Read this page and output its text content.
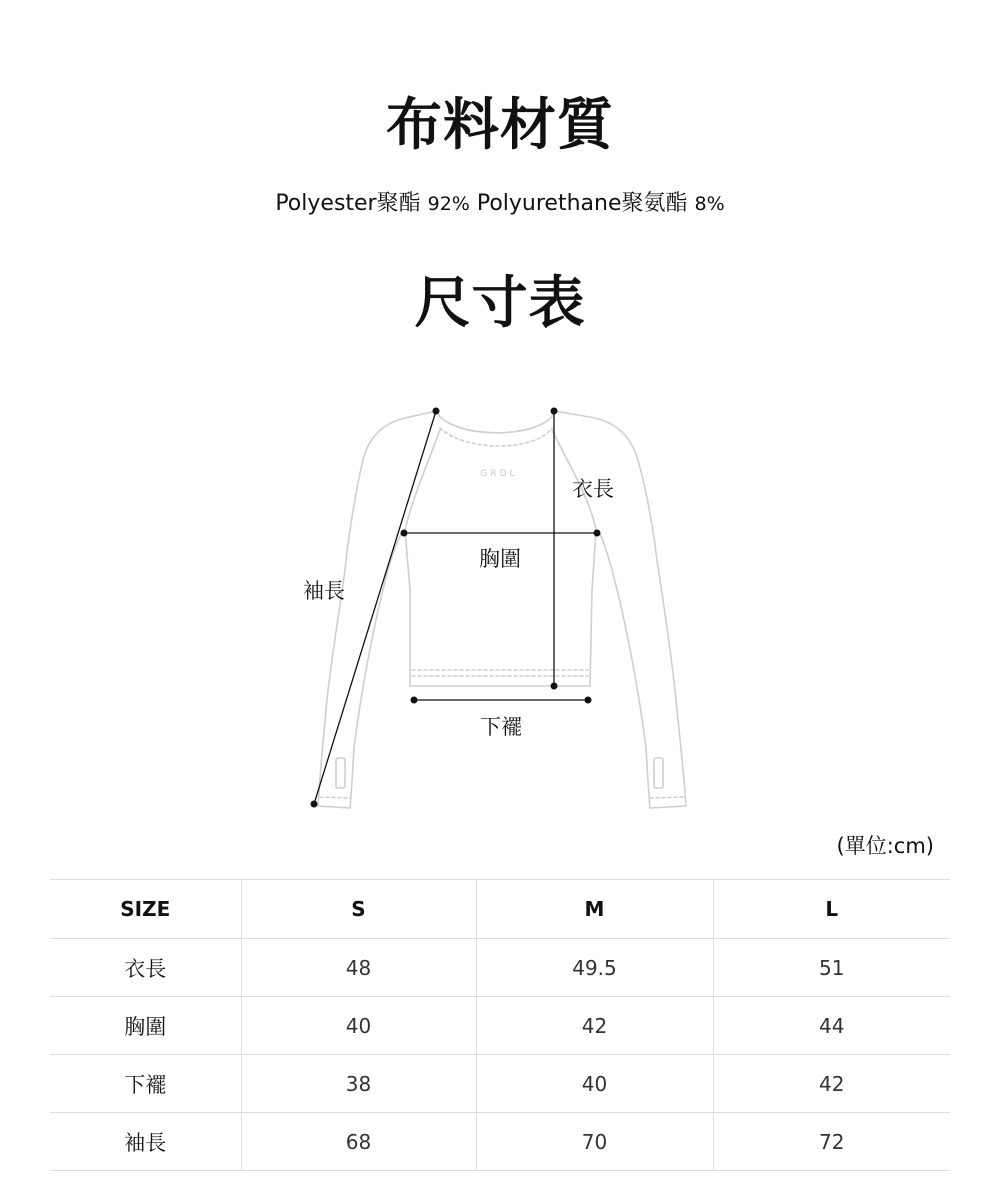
布料材質
Polyester聚酯 92% Polyurethane聚氨酯 8%
尺寸表
GRDL
衣長
胸圍
下襬
袖長
(單位:cm)
SIZE	S	M	L
衣長	48	49.5	51
胸圍	40	42	44
下襬	38	40	42
袖長	68	70	72
